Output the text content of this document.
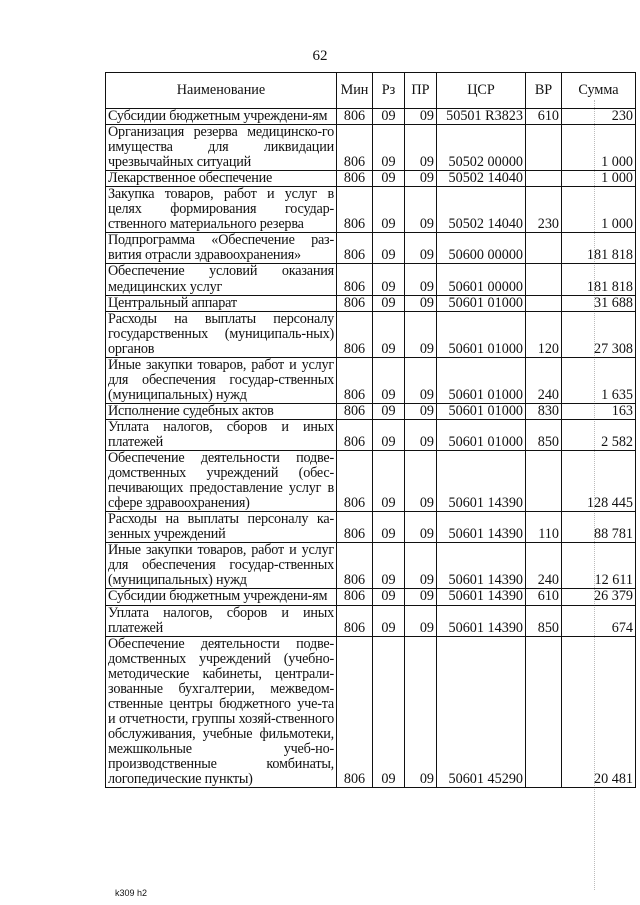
62
Наименование	Мин	Рз	ПР	ЦСР	ВР	Сумма
Субсидии бюджетным учреждени-ям	806	09	09	50501 R3823	610	230
Организация резерва медицинско-го имущества для ликвидации чрезвычайных ситуаций	806	09	09	50502 00000		1 000
Лекарственное обеспечение	806	09	09	50502 14040		1 000
Закупка товаров, работ и услуг в целях формирования государ-ственного материального резерва	806	09	09	50502 14040	230	1 000
Подпрограмма «Обеспечение раз-вития отрасли здравоохранения»	806	09	09	50600 00000		181 818
Обеспечение условий оказания медицинских услуг	806	09	09	50601 00000		181 818
Центральный аппарат	806	09	09	50601 01000		31 688
Расходы на выплаты персоналу государственных (муниципаль-ных) органов	806	09	09	50601 01000	120	27 308
Иные закупки товаров, работ и услуг для обеспечения государ-ственных (муниципальных) нужд	806	09	09	50601 01000	240	1 635
Исполнение судебных актов	806	09	09	50601 01000	830	163
Уплата налогов, сборов и иных платежей	806	09	09	50601 01000	850	2 582
Обеспечение деятельности подве-домственных учреждений (обес-печивающих предоставление услуг в сфере здравоохранения)	806	09	09	50601 14390		128 445
Расходы на выплаты персоналу ка-зенных учреждений	806	09	09	50601 14390	110	88 781
Иные закупки товаров, работ и услуг для обеспечения государ-ственных (муниципальных) нужд	806	09	09	50601 14390	240	12 611
Субсидии бюджетным учреждени-ям	806	09	09	50601 14390	610	26 379
Уплата налогов, сборов и иных платежей	806	09	09	50601 14390	850	674
Обеспечение деятельности подве-домственных учреждений (учебно-методические кабинеты, централи-зованные бухгалтерии, межведом-ственные центры бюджетного уче-та и отчетности, группы хозяй-ственного обслуживания, учебные фильмотеки, межшкольные учеб-но-производственные комбинаты, логопедические пункты)	806	09	09	50601 45290		20 481
k309 h2
